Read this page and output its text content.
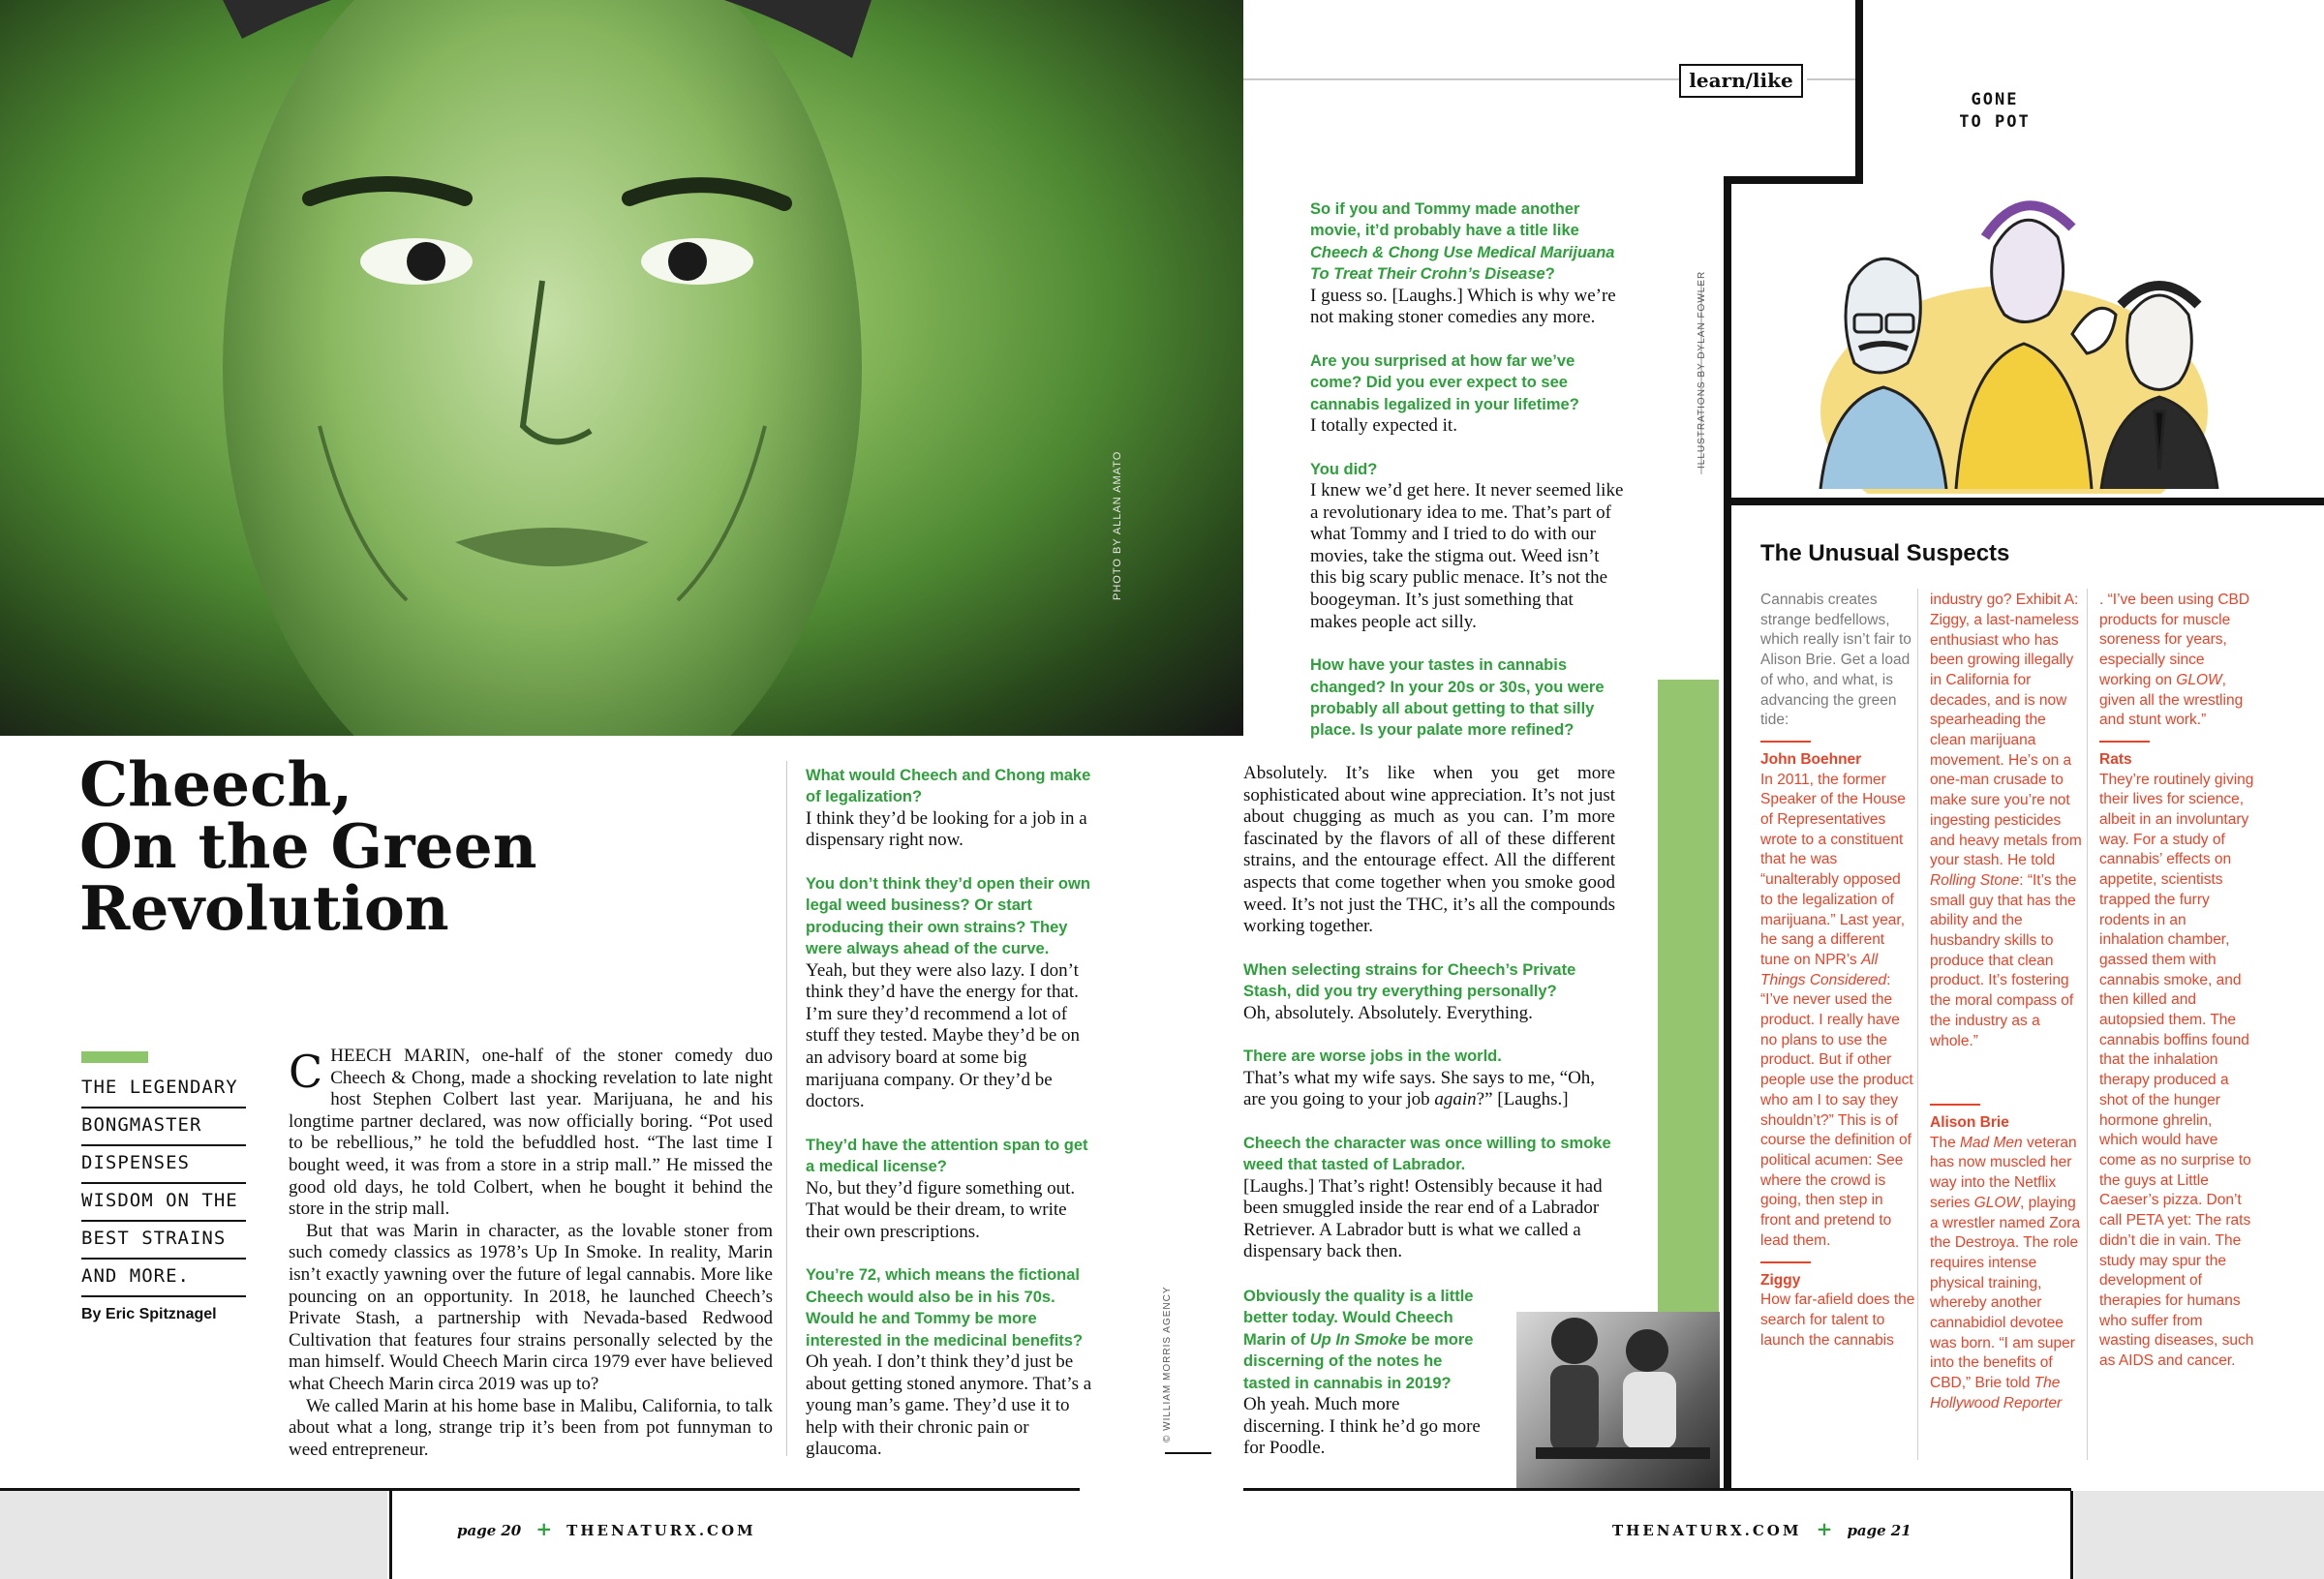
PHOTO BY ALLAN AMATO
Cheech,
On the Green
Revolution
THE LEGENDARY
BONGMASTER
DISPENSES
WISDOM ON THE
BEST STRAINS
AND MORE.
By Eric Spitznagel
C HEECH MARIN, one-half of the stoner comedy duo Cheech & Chong, made a shocking revelation to late night host Stephen Colbert last year. Marijuana, he and his longtime partner declared, was now officially boring. “Pot used to be rebellious,” he told the befuddled host. “The last time I bought weed, it was from a store in a strip mall.” He missed the good old days, he told Colbert, when he bought it behind the store in the strip mall.

But that was Marin in character, as the lovable stoner from such comedy classics as 1978’s Up In Smoke. In reality, Marin isn’t exactly yawning over the future of legal cannabis. More like pouncing on an opportunity. In 2018, he launched Cheech’s Private Stash, a partnership with Nevada-based Redwood Cultivation that features four strains personally selected by the man himself. Would Cheech Marin circa 1979 ever have believed what Cheech Marin circa 2019 was up to?

We called Marin at his home base in Malibu, California, to talk about what a long, strange trip it’s been from pot funnyman to weed entrepreneur.

What would Cheech and Chong make of legalization?

I think they’d be looking for a job in a dispensary right now.

You don’t think they’d open their own legal weed business? Or start producing their own strains? They were always ahead of the curve.

Yeah, but they were also lazy. I don’t think they’d have the energy for that. I’m sure they’d recommend a lot of stuff they tested. Maybe they’d be on an advisory board at some big marijuana company. Or they’d be doctors.

They’d have the attention span to get a medical license?

No, but they’d figure something out. That would be their dream, to write their own prescriptions.

You’re 72, which means the fictional Cheech would also be in his 70s. Would he and Tommy be more interested in the medicinal benefits?

Oh yeah. I don’t think they’d just be about getting stoned anymore. That’s a young man’s game. They’d use it to help with their chronic pain or glaucoma.

page 20 + THENATURX.COM
learn/like

So if you and Tommy made another movie, it’d probably have a title like Cheech & Chong Use Medical Marijuana To Treat Their Crohn’s Disease?

I guess so. [Laughs.] Which is why we’re not making stoner comedies any more.

Are you surprised at how far we’ve come? Did you ever expect to see cannabis legalized in your lifetime?

I totally expected it.

You did?

I knew we’d get here. It never seemed like a revolutionary idea to me. That’s part of what Tommy and I tried to do with our movies, take the stigma out. Weed isn’t this big scary public menace. It’s not the boogeyman. It’s just something that makes people act silly.

How have your tastes in cannabis changed? In your 20s or 30s, you were probably all about getting to that silly place. Is your palate more refined?

Absolutely. It’s like when you get more sophisticated about wine appreciation. It’s not just about chugging as much as you can. I’m more fascinated by the flavors of all of these different strains, and the entourage effect. All the different aspects that come together when you smoke good weed. It’s not just the THC, it’s all the compounds working together.

When selecting strains for Cheech’s Private Stash, did you try everything personally?

Oh, absolutely. Absolutely. Everything.

There are worse jobs in the world.

That’s what my wife says. She says to me, “Oh, are you going to your job again?” [Laughs.]

Cheech the character was once willing to smoke weed that tasted of Labrador.

[Laughs.] That’s right! Ostensibly because it had been smuggled inside the rear end of a Labrador Retriever. A Labrador butt is what we called a dispensary back then.

Obviously the quality is a little better today. Would Cheech Marin of Up In Smoke be more discerning of the notes he tasted in cannabis in 2019?

Oh yeah. Much more discerning. I think he’d go more for Poodle.

© WILLIAM MORRIS AGENCY
GONE
TO POT
ILLUSTRATIONS BY DYLAN FOWLER
The Unusual Suspects

Cannabis creates strange bedfellows, which really isn’t fair to Alison Brie. Get a load of who, and what, is advancing the green tide:

John Boehner

In 2011, the former Speaker of the House of Representatives wrote to a constituent that he was “unalterably opposed to the legalization of marijuana.” Last year, he sang a different tune on NPR’s All Things Considered: “I’ve never used the product. I really have no plans to use the product. But if other people use the product who am I to say they shouldn’t?” This is of course the definition of political acumen: See where the crowd is going, then step in front and pretend to lead them.

Ziggy

How far-afield does the search for talent to launch the cannabis

industry go? Exhibit A: Ziggy, a last-nameless enthusiast who has been growing illegally in California for decades, and is now spearheading the clean marijuana movement. He’s on a one-man crusade to make sure you’re not ingesting pesticides and heavy metals from your stash. He told
Rolling Stone: “It’s the small guy that has the ability and the husbandry skills to produce that clean product. It’s fostering the moral compass of the industry as a whole.”

Alison Brie

The Mad Men veteran has now muscled her way into the Netflix series GLOW, playing a wrestler named Zora the Destroya. The role requires intense physical training, whereby another cannabidiol devotee was born. “I am super into the benefits of CBD,” Brie told The Hollywood Reporter

. “I’ve been using CBD products for muscle soreness for years, especially since working on GLOW, given all the wrestling and stunt work.”

Rats

They’re routinely giving their lives for science, albeit in an involuntary way. For a study of cannabis’ effects on appetite, scientists trapped the furry rodents in an inhalation chamber, gassed them with cannabis smoke, and then killed and autopsied them. The cannabis boffins found that the inhalation therapy produced a shot of the hunger hormone ghrelin, which would have come as no surprise to the guys at Little Caeser’s pizza. Don’t call PETA yet: The rats didn’t die in vain. The study may spur the development of therapies for humans who suffer from wasting diseases, such as AIDS and cancer.

THENATURX.COM + page 21
